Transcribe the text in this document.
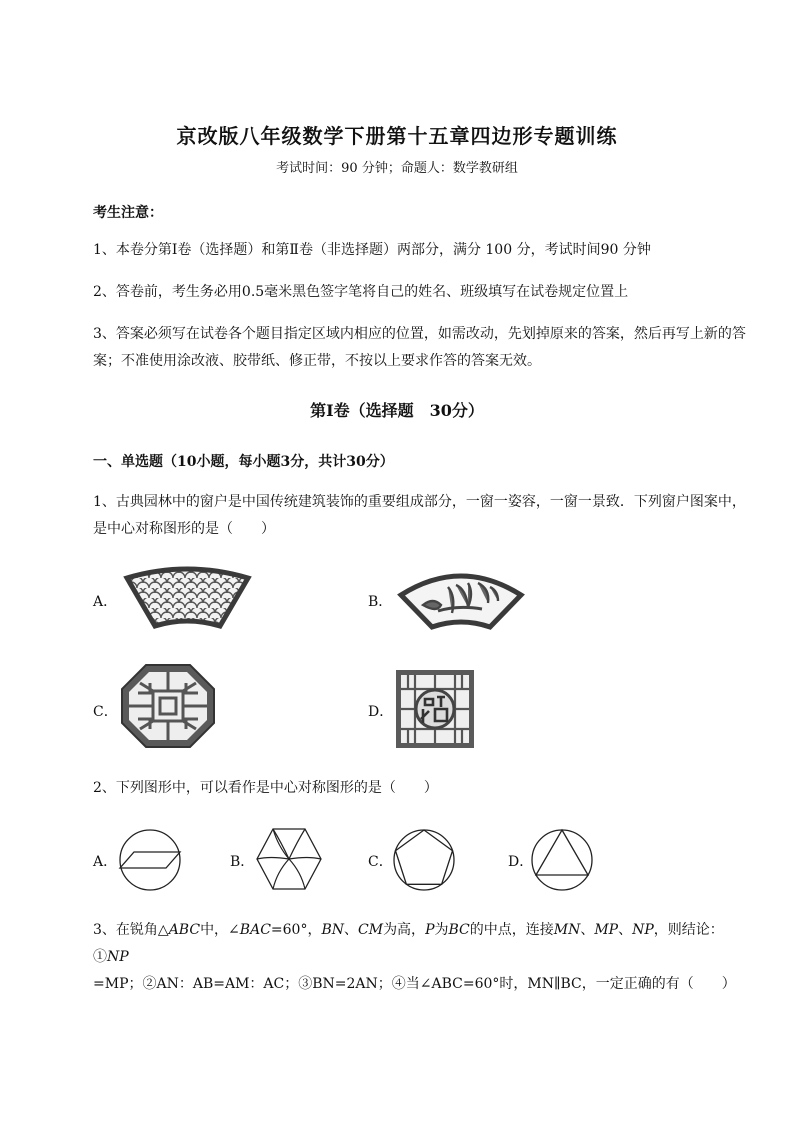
京改版八年级数学下册第十五章四边形专题训练
考试时间：90 分钟；命题人：数学教研组
考生注意：
1、本卷分第Ⅰ卷（选择题）和第Ⅱ卷（非选择题）两部分，满分 100 分，考试时间90 分钟
2、答卷前，考生务必用0.5毫米黑色签字笔将自己的姓名、班级填写在试卷规定位置上
3、答案必须写在试卷各个题目指定区域内相应的位置，如需改动，先划掉原来的答案，然后再写上新的答案；不准使用涂改液、胶带纸、修正带，不按以上要求作答的答案无效。
第Ⅰ卷（选择题　30分）
一、单选题（10小题，每小题3分，共计30分）
1、古典园林中的窗户是中国传统建筑装饰的重要组成部分，一窗一姿容，一窗一景致．下列窗户图案中，是中心对称图形的是（　　）
A．	B．
C．	D．
2、下列图形中，可以看作是中心对称图形的是（　　）
A．	B．	C．	D．
3、在锐角△ABC中，∠BAC=60°，BN、CM为高，P为BC的中点，连接MN、MP、NP，则结论：①NP
=MP；②AN：AB=AM：AC；③BN=2AN；④当∠ABC=60°时，MN∥BC，一定正确的有（　　）
